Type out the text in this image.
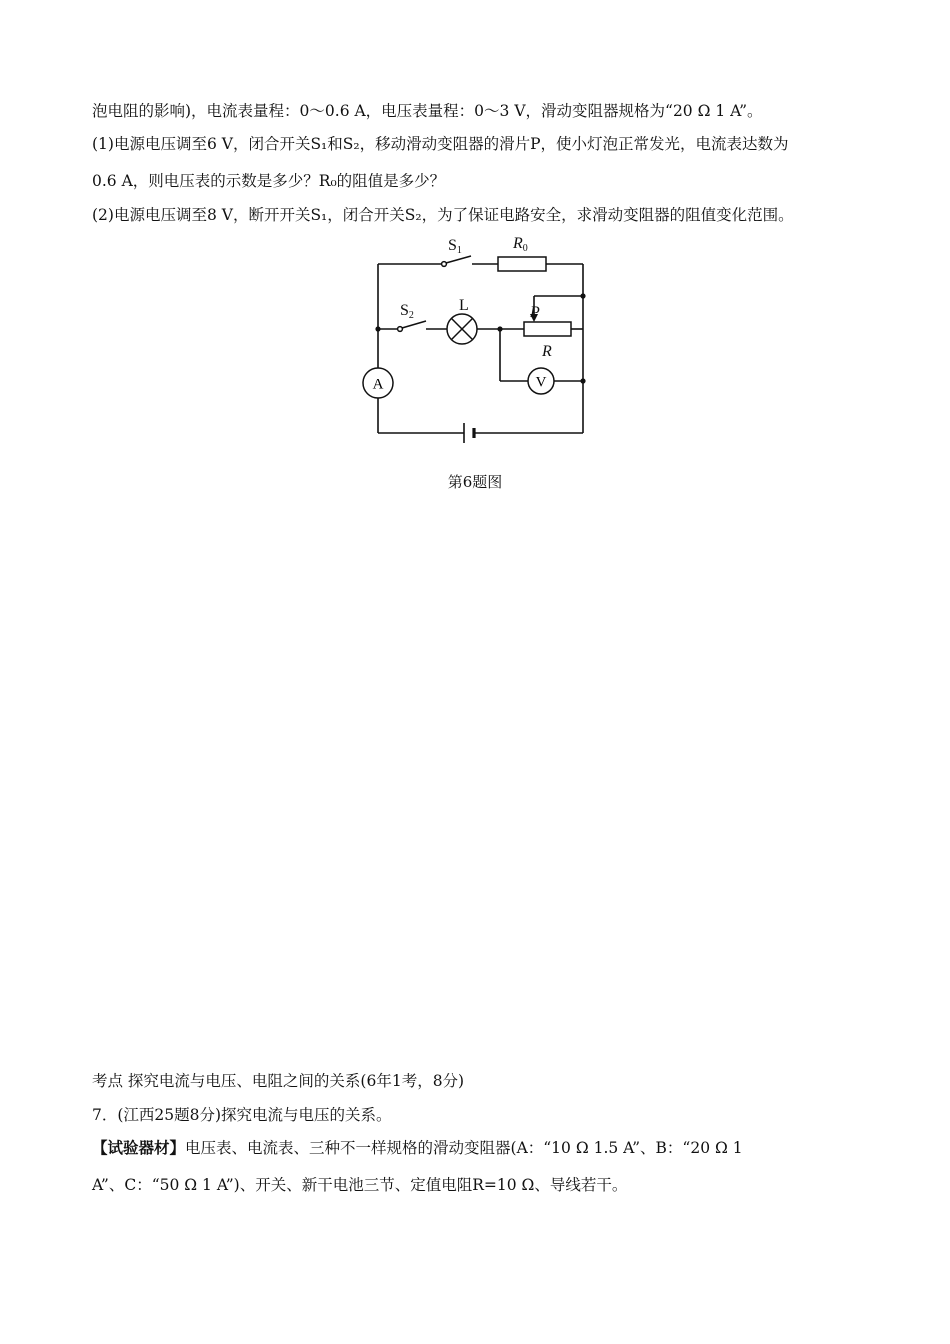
泡电阻的影响)，电流表量程：0～0.6 A，电压表量程：0～3 V，滑动变阻器规格为“20 Ω 1 A”。
(1)电源电压调至6 V，闭合开关S₁和S₂，移动滑动变阻器的滑片P，使小灯泡正常发光，电流表达数为
0.6 A，则电压表的示数是多少？R₀的阻值是多少？
(2)电源电压调至8 V，断开开关S₁，闭合开关S₂，为了保证电路安全，求滑动变阻器的阻值变化范围。
A	V
S1	R0
S2
L	P
R
第6题图
考点 探究电流与电压、电阻之间的关系(6年1考，8分)
7．(江西25题8分)探究电流与电压的关系。
【试验器材】电压表、电流表、三种不一样规格的滑动变阻器(A：“10 Ω 1.5 A”、B：“20 Ω 1
A”、C：“50 Ω 1 A”)、开关、新干电池三节、定值电阻R=10 Ω、导线若干。
